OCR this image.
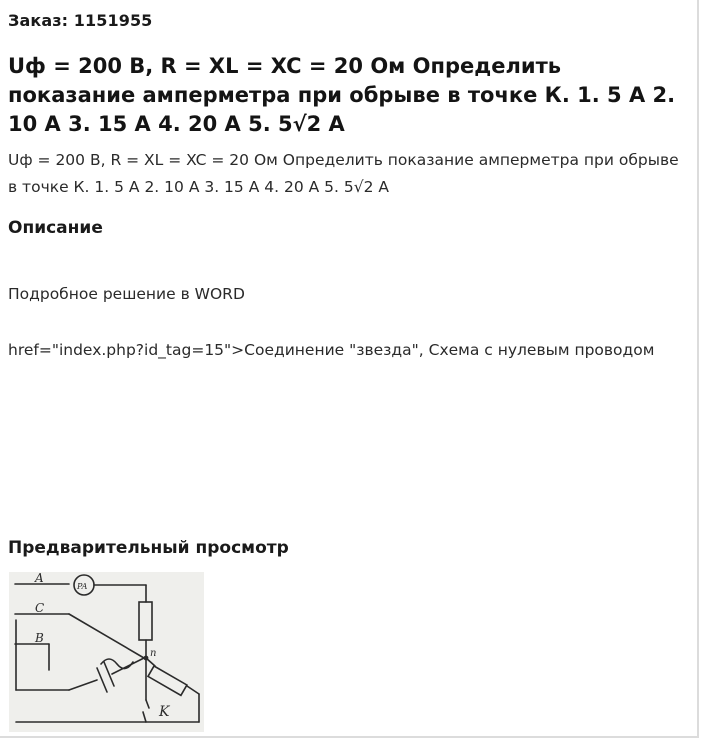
Заказ: 1151955
Uф = 200 В, R = XL = XC = 20 Ом Определить показание амперметра при обрыве в точке К. 1. 5 А 2. 10 А 3. 15 А 4. 20 А 5. 5√2 А
Uф = 200 В, R = XL = XC = 20 Ом Определить показание амперметра при обрыве в точке К. 1. 5 А 2. 10 А 3. 15 А 4. 20 А 5. 5√2 А
Описание
Подробное решение в WORD
href="index.php?id_tag=15">Соединение "звезда", Схема с нулевым проводом
Предварительный просмотр
A
C
B
PA
n
K
